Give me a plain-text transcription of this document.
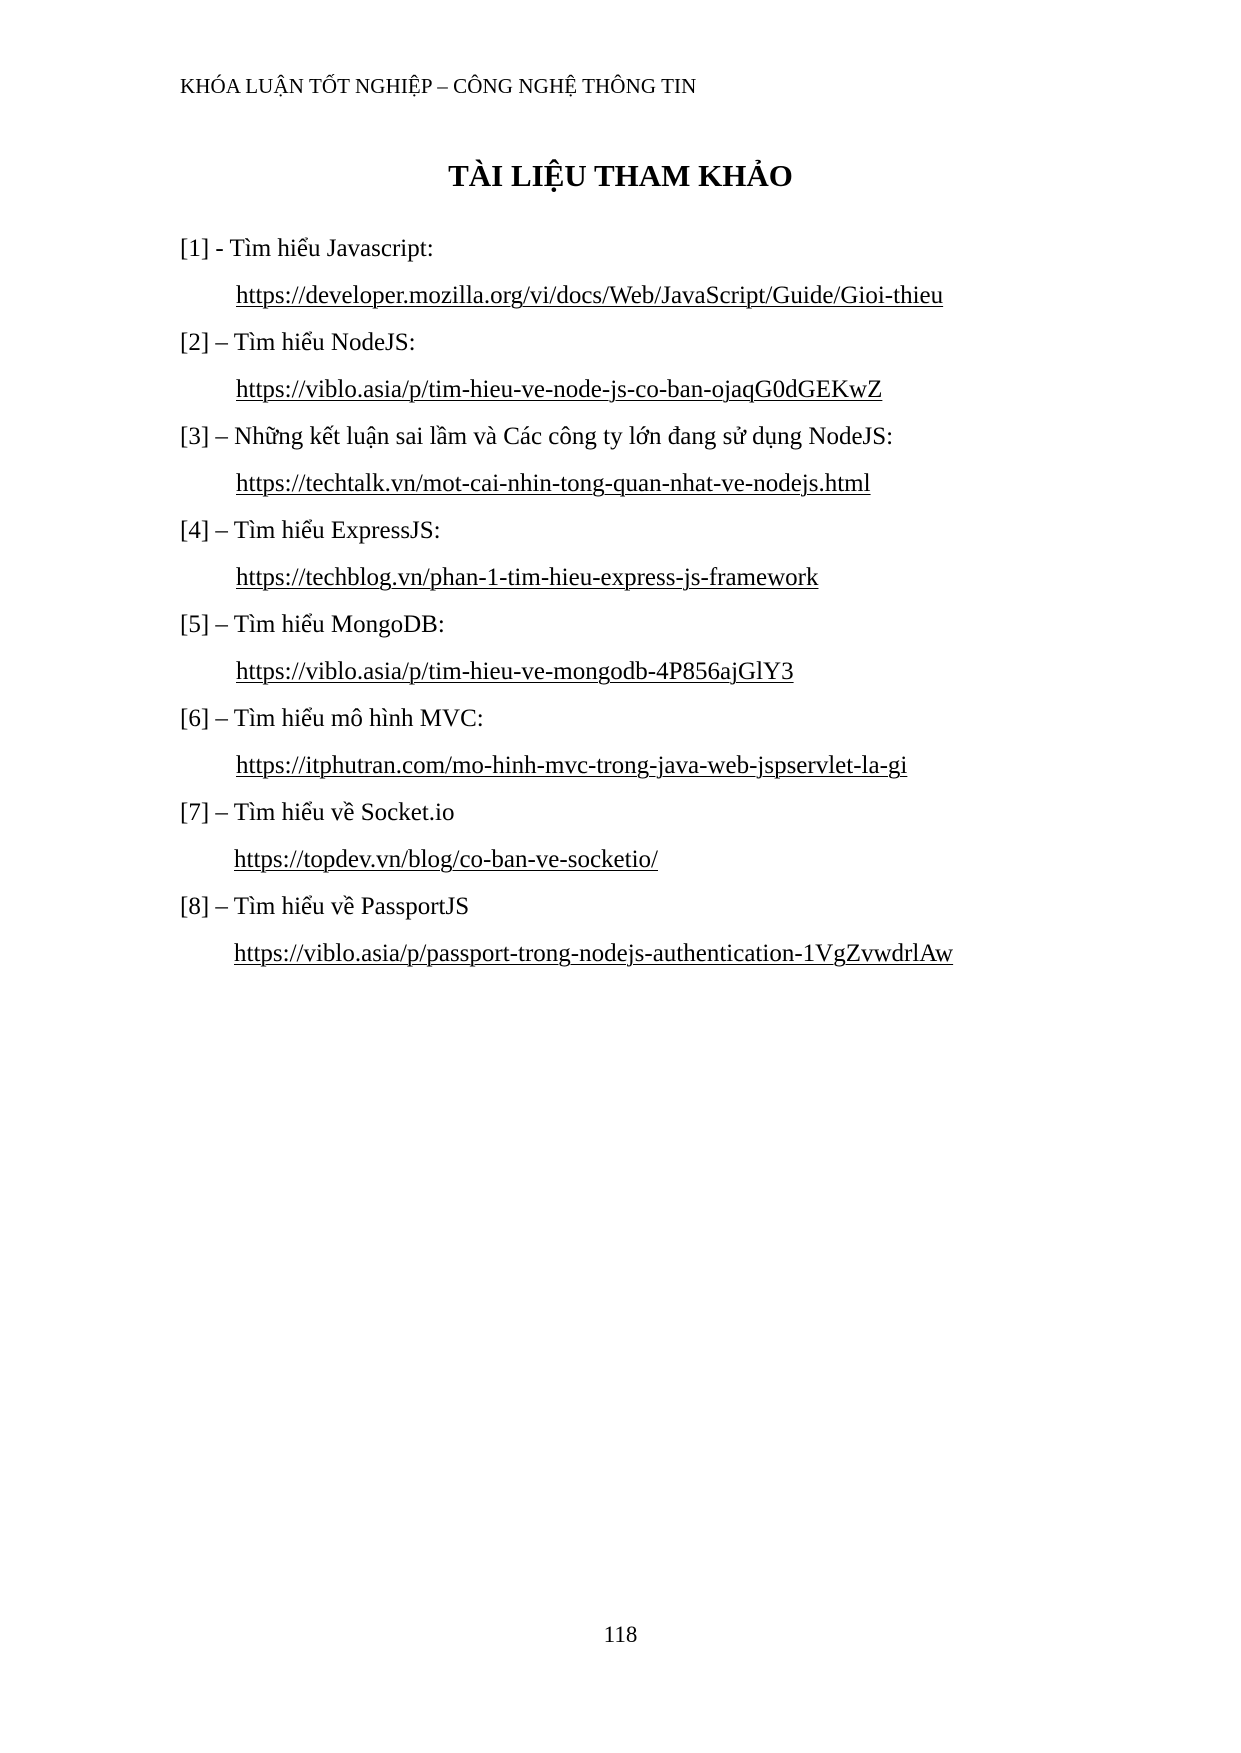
KHÓA LUẬN TỐT NGHIỆP – CÔNG NGHỆ THÔNG TIN
TÀI LIỆU THAM KHẢO
[1] - Tìm hiểu Javascript:
https://developer.mozilla.org/vi/docs/Web/JavaScript/Guide/Gioi-thieu
[2] – Tìm hiểu NodeJS:
https://viblo.asia/p/tim-hieu-ve-node-js-co-ban-ojaqG0dGEKwZ
[3] – Những kết luận sai lầm và Các công ty lớn đang sử dụng NodeJS:
https://techtalk.vn/mot-cai-nhin-tong-quan-nhat-ve-nodejs.html
[4] – Tìm hiểu ExpressJS:
https://techblog.vn/phan-1-tim-hieu-express-js-framework
[5] – Tìm hiểu MongoDB:
https://viblo.asia/p/tim-hieu-ve-mongodb-4P856ajGlY3
[6] – Tìm hiểu mô hình MVC:
https://itphutran.com/mo-hinh-mvc-trong-java-web-jspservlet-la-gi
[7] – Tìm hiểu về Socket.io
https://topdev.vn/blog/co-ban-ve-socketio/
[8] – Tìm hiểu về PassportJS
https://viblo.asia/p/passport-trong-nodejs-authentication-1VgZvwdrlAw
118
